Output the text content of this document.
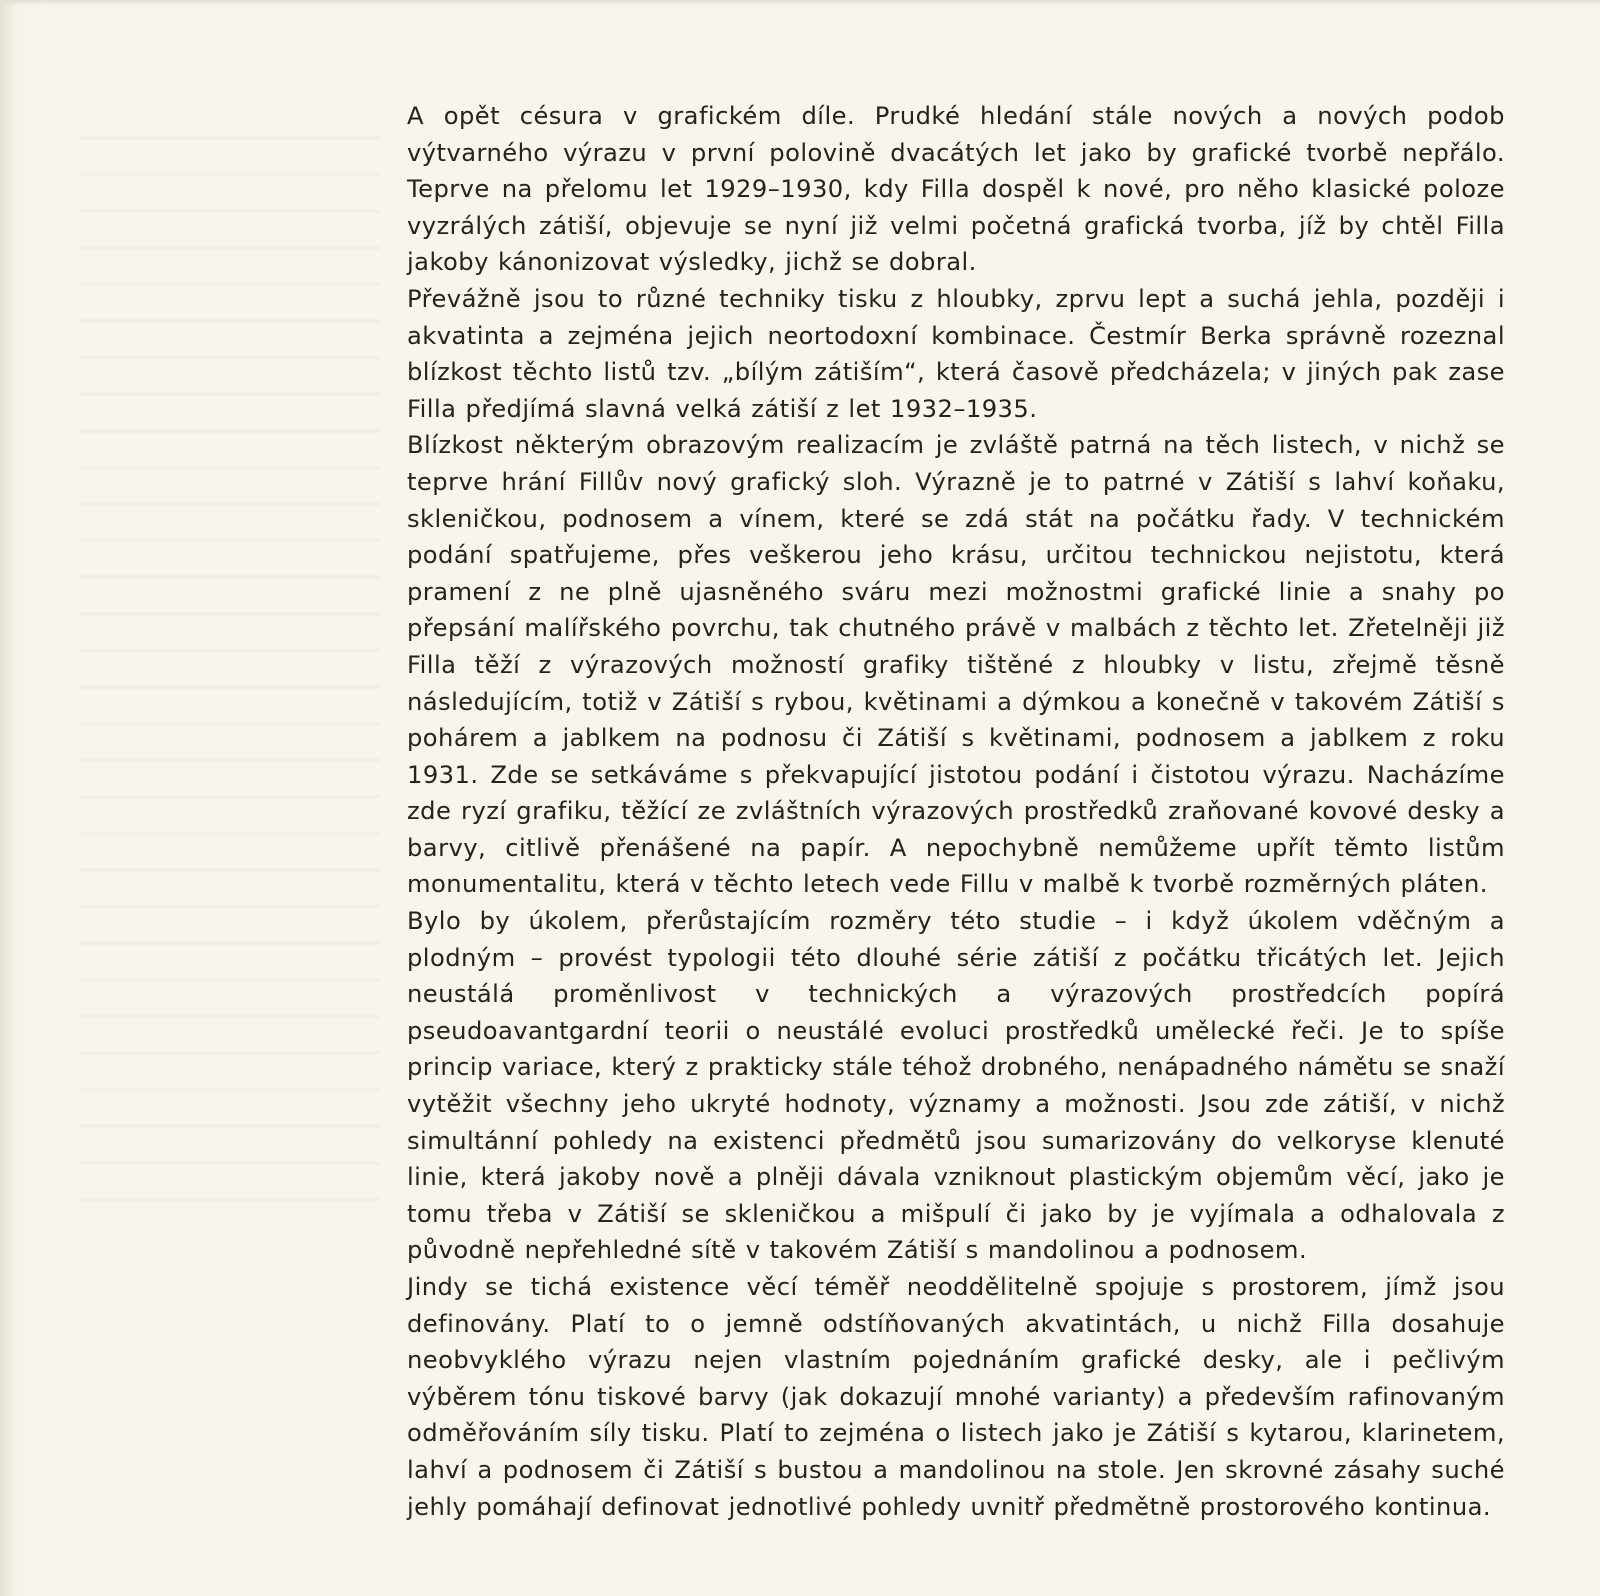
A opět césura v grafickém díle. Prudké hledání stále nových a nových podob výtvarného výrazu v první polovině dvacátých let jako by grafické tvorbě nepřálo. Teprve na přelomu let 1929–1930, kdy Filla dospěl k nové, pro něho klasické poloze vyzrálých zátiší, objevuje se nyní již velmi početná grafická tvorba, jíž by chtěl Filla jakoby kánonizovat výsledky, jichž se dobral.

Převážně jsou to různé techniky tisku z hloubky, zprvu lept a suchá jehla, později i akvatinta a zejména jejich neortodoxní kombinace. Čestmír Berka správně rozeznal blízkost těchto listů tzv. „bílým zátiším“, která časově předcházela; v jiných pak zase Filla předjímá slavná velká zátiší z let 1932–1935.

Blízkost některým obrazovým realizacím je zvláště patrná na těch listech, v nichž se teprve hrání Fillův nový grafický sloh. Výrazně je to patrné v Zátiší s lahví koňaku, skleničkou, podnosem a vínem, které se zdá stát na počátku řady. V technickém podání spatřujeme, přes veškerou jeho krásu, určitou technickou nejistotu, která pramení z ne plně ujasněného sváru mezi možnostmi grafické linie a snahy po přepsání malířského povrchu, tak chutného právě v malbách z těchto let. Zřetelněji již Filla těží z výrazových možností grafiky tištěné z hloubky v listu, zřejmě těsně následujícím, totiž v Zátiší s rybou, květinami a dýmkou a konečně v takovém Zátiší s pohárem a jablkem na podnosu či Zátiší s květinami, podnosem a jablkem z roku 1931. Zde se setkáváme s překvapující jistotou podání i čistotou výrazu. Nacházíme zde ryzí grafiku, těžící ze zvláštních výrazových prostředků zraňované kovové desky a barvy, citlivě přenášené na papír. A nepochybně nemůžeme upřít těmto listům monumentalitu, která v těchto letech vede Fillu v malbě k tvorbě rozměrných pláten.

Bylo by úkolem, přerůstajícím rozměry této studie – i když úkolem vděčným a plodným – provést typologii této dlouhé série zátiší z počátku třicátých let. Jejich neustálá proměnlivost v technických a výrazových prostředcích popírá pseudoavantgardní teorii o neustálé evoluci prostředků umělecké řeči. Je to spíše princip variace, který z prakticky stále téhož drobného, nenápadného námětu se snaží vytěžit všechny jeho ukryté hodnoty, významy a možnosti. Jsou zde zátiší, v nichž simultánní pohledy na existenci předmětů jsou sumarizovány do velkoryse klenuté linie, která jakoby nově a plněji dávala vzniknout plastickým objemům věcí, jako je tomu třeba v Zátiší se skleničkou a mišpulí či jako by je vyjímala a odhalovala z původně nepřehledné sítě v takovém Zátiší s mandolinou a podnosem.

Jindy se tichá existence věcí téměř neoddělitelně spojuje s prostorem, jímž jsou definovány. Platí to o jemně odstíňovaných akvatintách, u nichž Filla dosahuje neobvyklého výrazu nejen vlastním pojednáním grafické desky, ale i pečlivým výběrem tónu tiskové barvy (jak dokazují mnohé varianty) a především rafinovaným odměřováním síly tisku. Platí to zejména o listech jako je Zátiší s kytarou, klarinetem, lahví a podnosem či Zátiší s bustou a mandolinou na stole. Jen skrovné zásahy suché jehly pomáhají definovat jednotlivé pohledy uvnitř předmětně prostorového kontinua.
